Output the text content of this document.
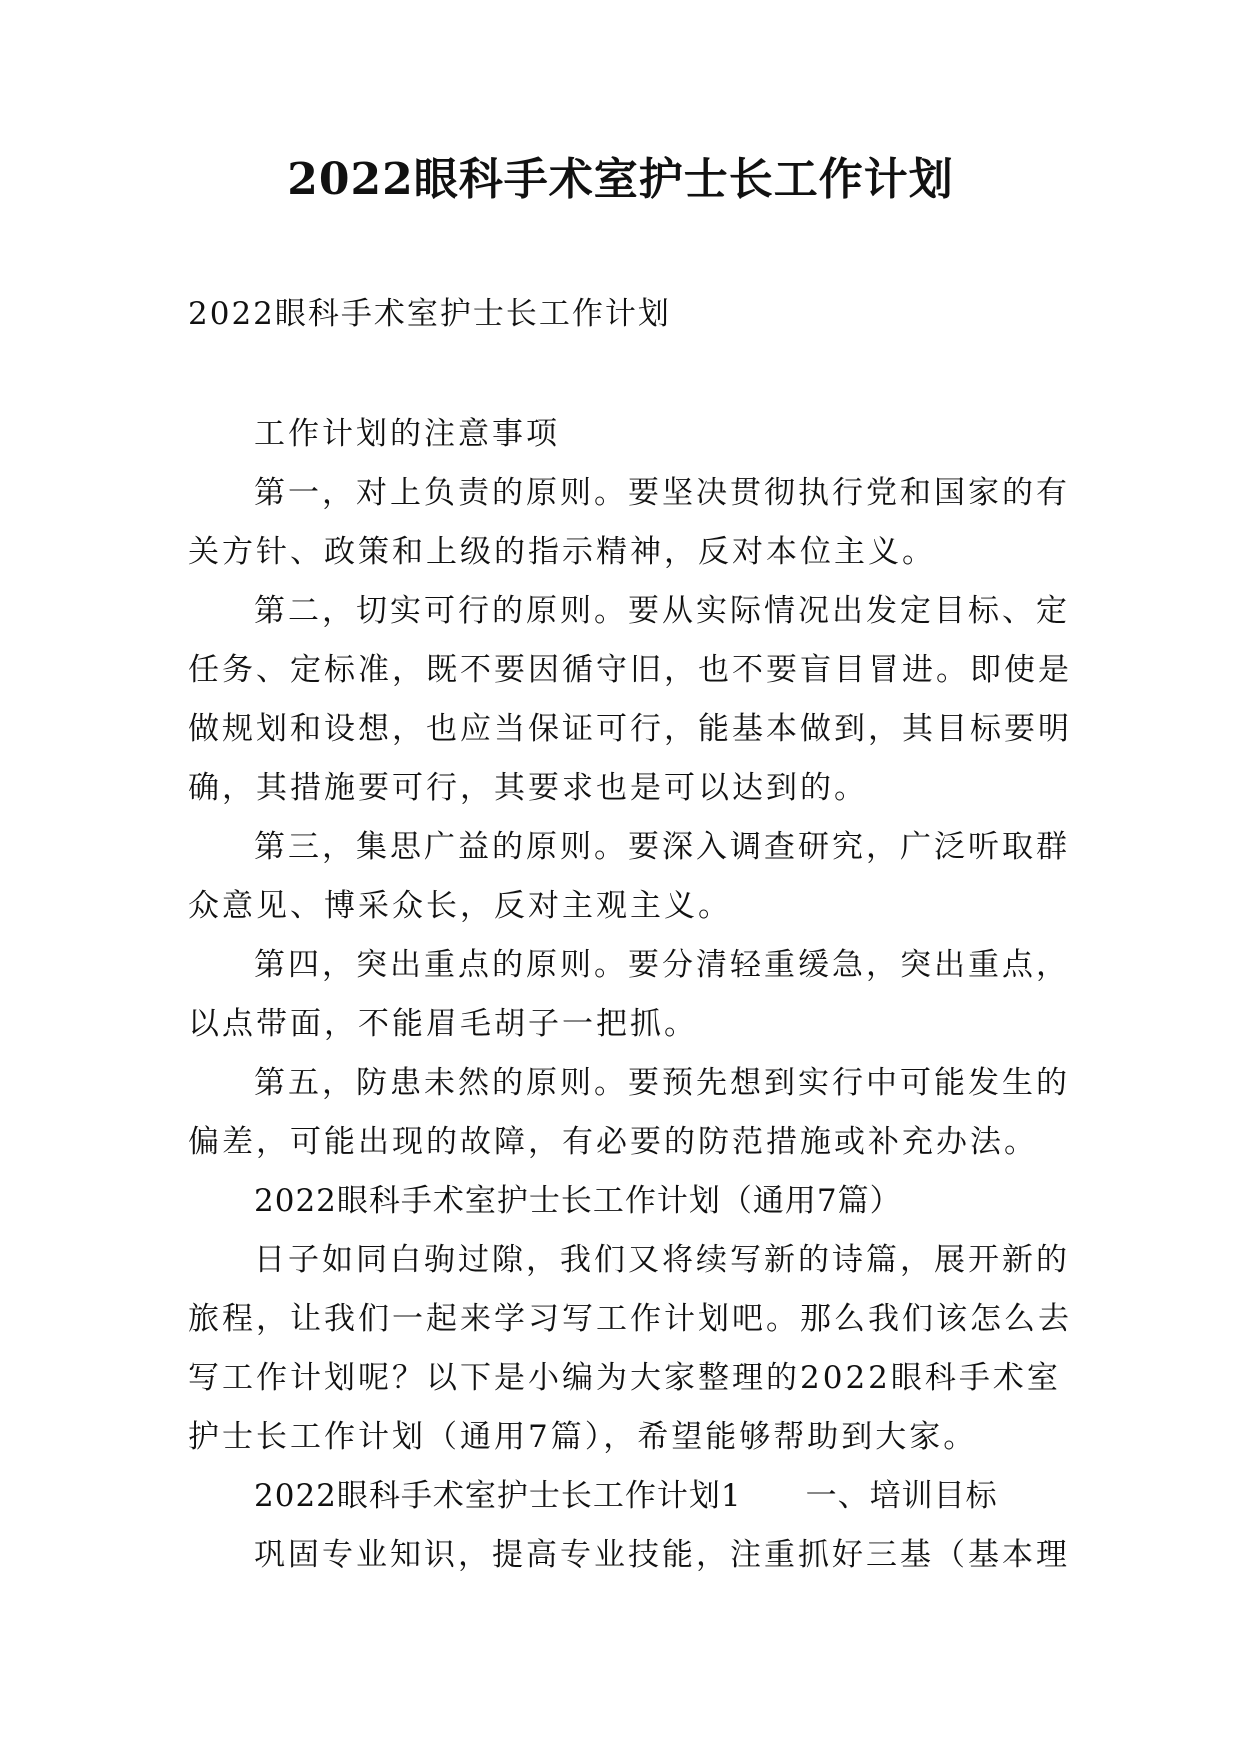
2022眼科手术室护士长工作计划
2022眼科手术室护士长工作计划
工作计划的注意事项
第一，对上负责的原则。要坚决贯彻执行党和国家的有
关方针、政策和上级的指示精神，反对本位主义。
第二，切实可行的原则。要从实际情况出发定目标、定
任务、定标准，既不要因循守旧，也不要盲目冒进。即使是
做规划和设想，也应当保证可行，能基本做到，其目标要明
确，其措施要可行，其要求也是可以达到的。
第三，集思广益的原则。要深入调查研究，广泛听取群
众意见、博采众长，反对主观主义。
第四，突出重点的原则。要分清轻重缓急，突出重点，
以点带面，不能眉毛胡子一把抓。
第五，防患未然的原则。要预先想到实行中可能发生的
偏差，可能出现的故障，有必要的防范措施或补充办法。
2022眼科手术室护士长工作计划（通用7篇）
日子如同白驹过隙，我们又将续写新的诗篇，展开新的
旅程，让我们一起来学习写工作计划吧。那么我们该怎么去
写工作计划呢？以下是小编为大家整理的2022眼科手术室
护士长工作计划（通用7篇），希望能够帮助到大家。
2022眼科手术室护士长工作计划1　　一、培训目标
巩固专业知识，提高专业技能，注重抓好三基（基本理
